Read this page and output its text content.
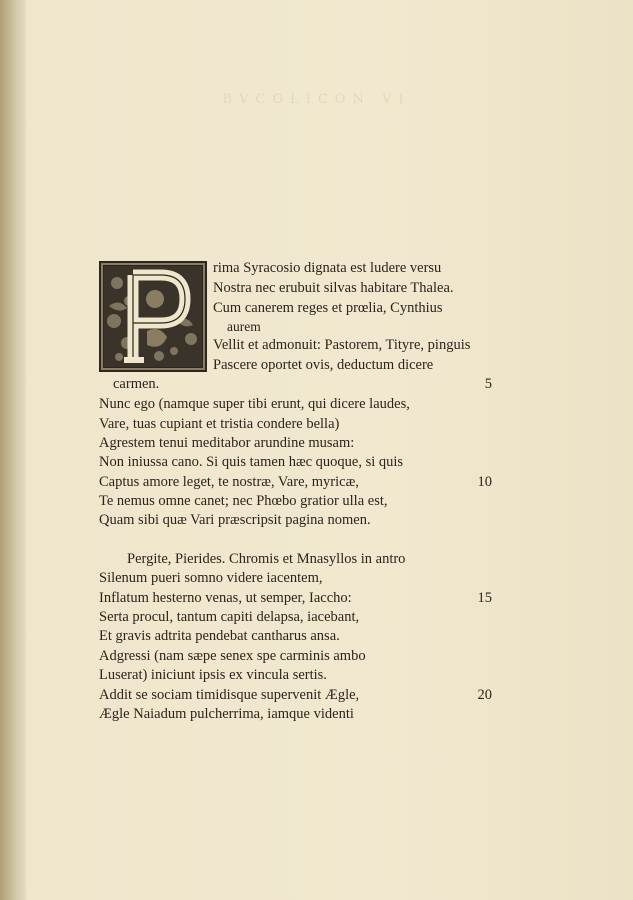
BVCOLICON VI
rima Syracosio dignata est ludere versu
Nostra nec erubuit silvas habitare Thalea.
Cum canerem reges et prœlia, Cynthius
aurem
Vellit et admonuit: Pastorem, Tityre, pinguis
Pascere oportet ovis, deductum dicere
carmen.	5
Nunc ego (namque super tibi erunt, qui dicere laudes,
Vare, tuas cupiant et tristia condere bella)
Agrestem tenui meditabor arundine musam:
Non iniussa cano. Si quis tamen hæc quoque, si quis
Captus amore leget, te nostræ, Vare, myricæ,	10
Te nemus omne canet; nec Phœbo gratior ulla est,
Quam sibi quæ Vari præscripsit pagina nomen.
Pergite, Pierides. Chromis et Mnasyllos in antro
Silenum pueri somno videre iacentem,
Inflatum hesterno venas, ut semper, Iaccho:	15
Serta procul, tantum capiti delapsa, iacebant,
Et gravis adtrita pendebat cantharus ansa.
Adgressi (nam sæpe senex spe carminis ambo
Luserat) iniciunt ipsis ex vincula sertis.
Addit se sociam timidisque supervenit Ægle,	20
Ægle Naiadum pulcherrima, iamque videnti
